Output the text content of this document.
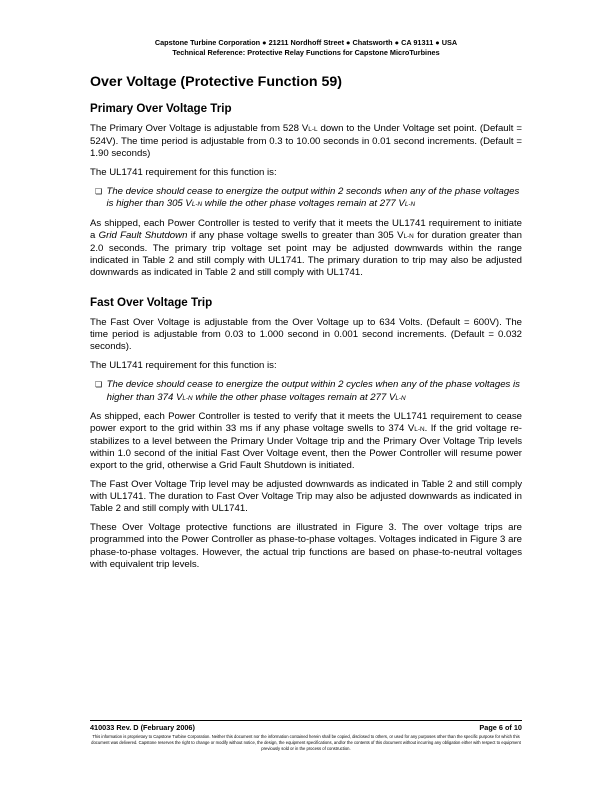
Capstone Turbine Corporation ● 21211 Nordhoff Street ● Chatsworth ● CA 91311 ● USA
Technical Reference: Protective Relay Functions for Capstone MicroTurbines
Over Voltage (Protective Function 59)
Primary Over Voltage Trip

The Primary Over Voltage is adjustable from 528 VL-L down to the Under Voltage set point. (Default = 524V). The time period is adjustable from 0.3 to 10.00 seconds in 0.01 second increments. (Default = 1.90 seconds)

The UL1741 requirement for this function is:

❏ The device should cease to energize the output within 2 seconds when any of the phase voltages is higher than 305 VL-N while the other phase voltages remain at 277 VL-N

As shipped, each Power Controller is tested to verify that it meets the UL1741 requirement to initiate a Grid Fault Shutdown if any phase voltage swells to greater than 305 VL-N for duration greater than 2.0 seconds. The primary trip voltage set point may be adjusted downwards within the range indicated in Table 2 and still comply with UL1741. The primary duration to trip may also be adjusted downwards as indicated in Table 2 and still comply with UL1741.

Fast Over Voltage Trip

The Fast Over Voltage is adjustable from the Over Voltage up to 634 Volts. (Default = 600V). The time period is adjustable from 0.03 to 1.000 second in 0.001 second increments. (Default = 0.032 seconds).

The UL1741 requirement for this function is:

❏ The device should cease to energize the output within 2 cycles when any of the phase voltages is higher than 374 VL-N while the other phase voltages remain at 277 VL-N

As shipped, each Power Controller is tested to verify that it meets the UL1741 requirement to cease power export to the grid within 33 ms if any phase voltage swells to 374 VL-N. If the grid voltage re-stabilizes to a level between the Primary Under Voltage trip and the Primary Over Voltage Trip levels within 1.0 second of the initial Fast Over Voltage event, then the Power Controller will resume power export to the grid, otherwise a Grid Fault Shutdown is initiated.

The Fast Over Voltage Trip level may be adjusted downwards as indicated in Table 2 and still comply with UL1741. The duration to Fast Over Voltage Trip may also be adjusted downwards as indicated in Table 2 and still comply with UL1741.

These Over Voltage protective functions are illustrated in Figure 3. The over voltage trips are programmed into the Power Controller as phase-to-phase voltages. Voltages indicated in Figure 3 are phase-to-phase voltages. However, the actual trip functions are based on phase-to-neutral voltages with equivalent trip levels.

410033 Rev. D (February 2006)	Page 6 of 10
This information is proprietary to Capstone Turbine Corporation. Neither this document nor the information contained herein shall be copied, disclosed to others, or used for any purposes other than the specific purpose for which this document was delivered. Capstone reserves the right to change or modify without notice, the design, the equipment specifications, and/or the contents of this document without incurring any obligation either with respect to equipment previously sold or in the process of construction.
